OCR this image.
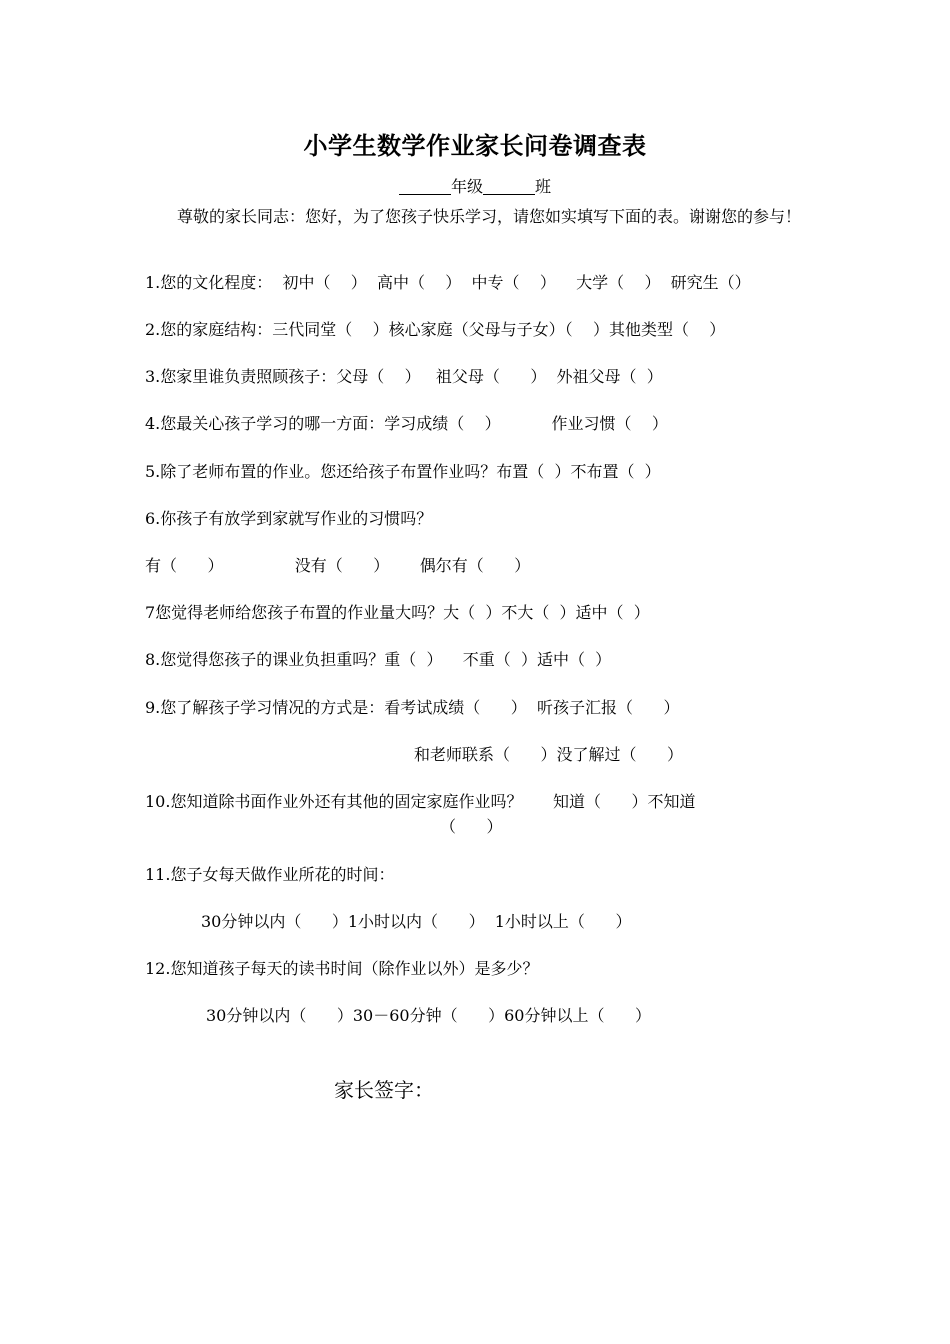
小学生数学作业家长问卷调查表
年级	班
尊敬的家长同志：您好，为了您孩子快乐学习，请您如实填写下面的表。谢谢您的参与！
1.您的文化程度：  初中（    ）  高中（    ）  中专（    ）    大学（    ）  研究生（）
2.您的家庭结构：三代同堂（    ）核心家庭（父母与子女）（    ）其他类型（    ）
3.您家里谁负责照顾孩子：父母（    ）   祖父母（      ）  外祖父母（  ）
4.您最关心孩子学习的哪一方面：学习成绩（    ）          作业习惯（    ）
5.除了老师布置的作业。您还给孩子布置作业吗？布置（  ）不布置（  ）
6.你孩子有放学到家就写作业的习惯吗？
有（      ）              没有（      ）      偶尔有（      ）
7您觉得老师给您孩子布置的作业量大吗？大（  ）不大（  ）适中（  ）
8.您觉得您孩子的课业负担重吗？重（  ）    不重（  ）适中（  ）
9.您了解孩子学习情况的方式是：看考试成绩（      ）  听孩子汇报（      ）
和老师联系（      ）没了解过（      ）
10.您知道除书面作业外还有其他的固定家庭作业吗？      知道（      ）不知道
（      ）
11.您子女每天做作业所花的时间：
30分钟以内（      ）1小时以内（      ）  1小时以上（      ）
12.您知道孩子每天的读书时间（除作业以外）是多少？
30分钟以内（      ）30－60分钟（      ）60分钟以上（      ）
家长签字：
